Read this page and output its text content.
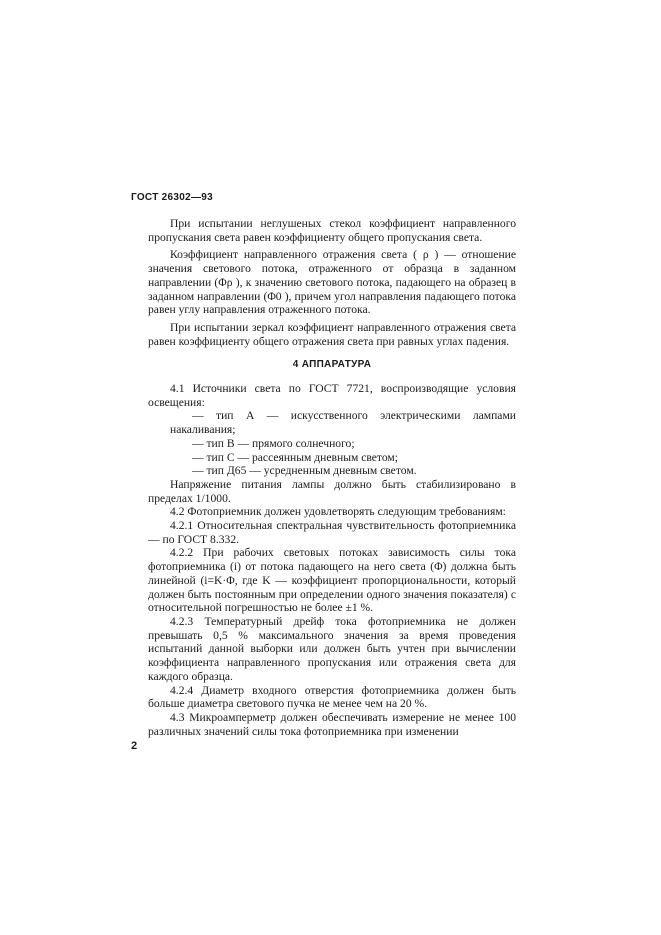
ГОСТ 26302—93

При испытании неглушеных стекол коэффициент направленного пропускания света равен коэффициенту общего пропускания света.

Коэффициент направленного отражения света ( ρ ) — отношение значения светового потока, отраженного от образца в заданном направлении (Φρ ), к значению светового потока, падающего на образец в заданном направлении (Φ0 ), причем угол направления падающего потока равен углу направления отраженного потока.

При испытании зеркал коэффициент направленного отражения света равен коэффициенту общего отражения света при равных углах падения.

4 АППАРАТУРА

4.1 Источники света по ГОСТ 7721, воспроизводящие условия освещения:

— тип А — искусственного электрическими лампами накаливания;

— тип В — прямого солнечного;

— тип С — рассеянным дневным светом;

— тип Д65 — усредненным дневным светом.

Напряжение питания лампы должно быть стабилизировано в пределах 1/1000.

4.2 Фотоприемник должен удовлетворять следующим требованиям:

4.2.1 Относительная спектральная чувствительность фотоприемника — по ГОСТ 8.332.

4.2.2 При рабочих световых потоках зависимость силы тока фотоприемника (i) от потока падающего на него света (Φ) должна быть линейной (i=K·Φ, где K — коэффициент пропорциональности, который должен быть постоянным при определении одного значения показателя) с относительной погрешностью не более ±1 %.

4.2.3 Температурный дрейф тока фотоприемника не должен превышать 0,5 % максимального значения за время проведения испытаний данной выборки или должен быть учтен при вычислении коэффициента направленного пропускания или отражения света для каждого образца.

4.2.4 Диаметр входного отверстия фотоприемника должен быть больше диаметра светового пучка не менее чем на 20 %.

4.3 Микроамперметр должен обеспечивать измерение не менее 100 различных значений силы тока фотоприемника при изменении

2
